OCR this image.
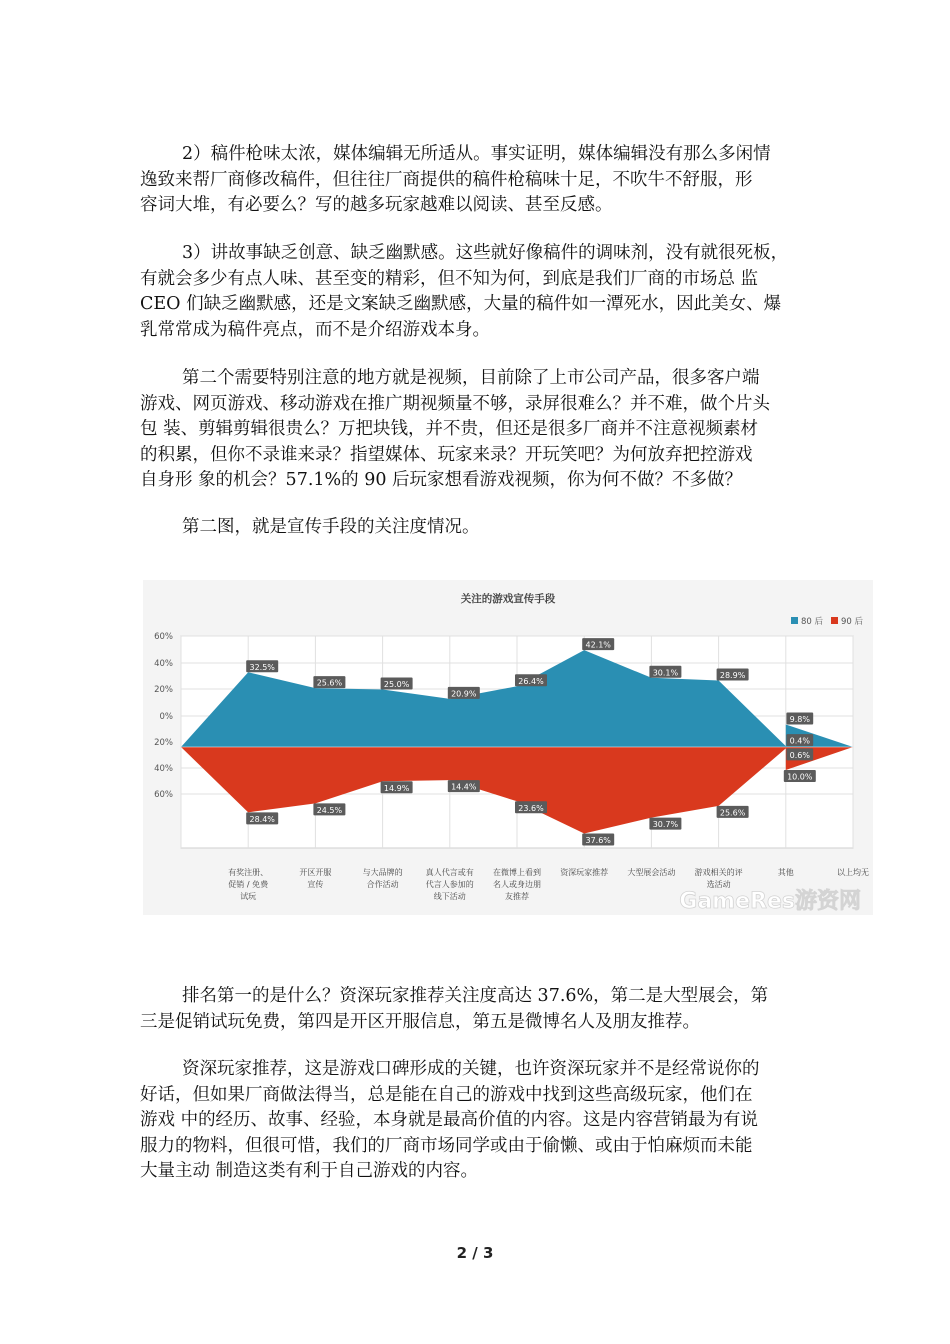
2）稿件枪味太浓，媒体编辑无所适从。事实证明，媒体编辑没有那么多闲情
逸致来帮厂商修改稿件，但往往厂商提供的稿件枪稿味十足，不吹牛不舒服，形
容词大堆，有必要么？写的越多玩家越难以阅读、甚至反感。
3）讲故事缺乏创意、缺乏幽默感。这些就好像稿件的调味剂，没有就很死板，
有就会多少有点人味、甚至变的精彩，但不知为何，到底是我们厂商的市场总 监
CEO 们缺乏幽默感，还是文案缺乏幽默感，大量的稿件如一潭死水，因此美女、爆
乳常常成为稿件亮点，而不是介绍游戏本身。
第二个需要特别注意的地方就是视频，目前除了上市公司产品，很多客户端
游戏、网页游戏、移动游戏在推广期视频量不够，录屏很难么？并不难，做个片头
包 装、剪辑剪辑很贵么？万把块钱，并不贵，但还是很多厂商并不注意视频素材
的积累，但你不录谁来录？指望媒体、玩家来录？开玩笑吧？为何放弃把控游戏
自身形 象的机会？57.1%的 90 后玩家想看游戏视频，你为何不做？不多做？
第二图，就是宣传手段的关注度情况。
关注的游戏宣传手段
80 后 90 后
60%
40%
20%
0%
20%
40%
60%
32.5%
25.6%	25.0%
20.9%
26.4%
42.1%
30.1%	28.9%
0.4%
9.8%
28.4%
24.5%
14.9%	14.4%
23.6%
37.6%
30.7%
25.6%
0.6%
10.0%
有奖注册、
促销 / 免费
试玩
开区开服
宣传
与大品牌的
合作活动
真人代言或有
代言人参加的
线下活动
在微博上看到
名人或身边朋
友推荐
资深玩家推荐 大型展会活动 游戏相关的评
选活动
其他	以上均无
GameRes游资网
排名第一的是什么？资深玩家推荐关注度高达 37.6%，第二是大型展会，第
三是促销试玩免费，第四是开区开服信息，第五是微博名人及朋友推荐。
资深玩家推荐，这是游戏口碑形成的关键，也许资深玩家并不是经常说你的
好话，但如果厂商做法得当，总是能在自己的游戏中找到这些高级玩家，他们在
游戏 中的经历、故事、经验，本身就是最高价值的内容。这是内容营销最为有说
服力的物料，但很可惜，我们的厂商市场同学或由于偷懒、或由于怕麻烦而未能
大量主动 制造这类有利于自己游戏的内容。
2 / 3
